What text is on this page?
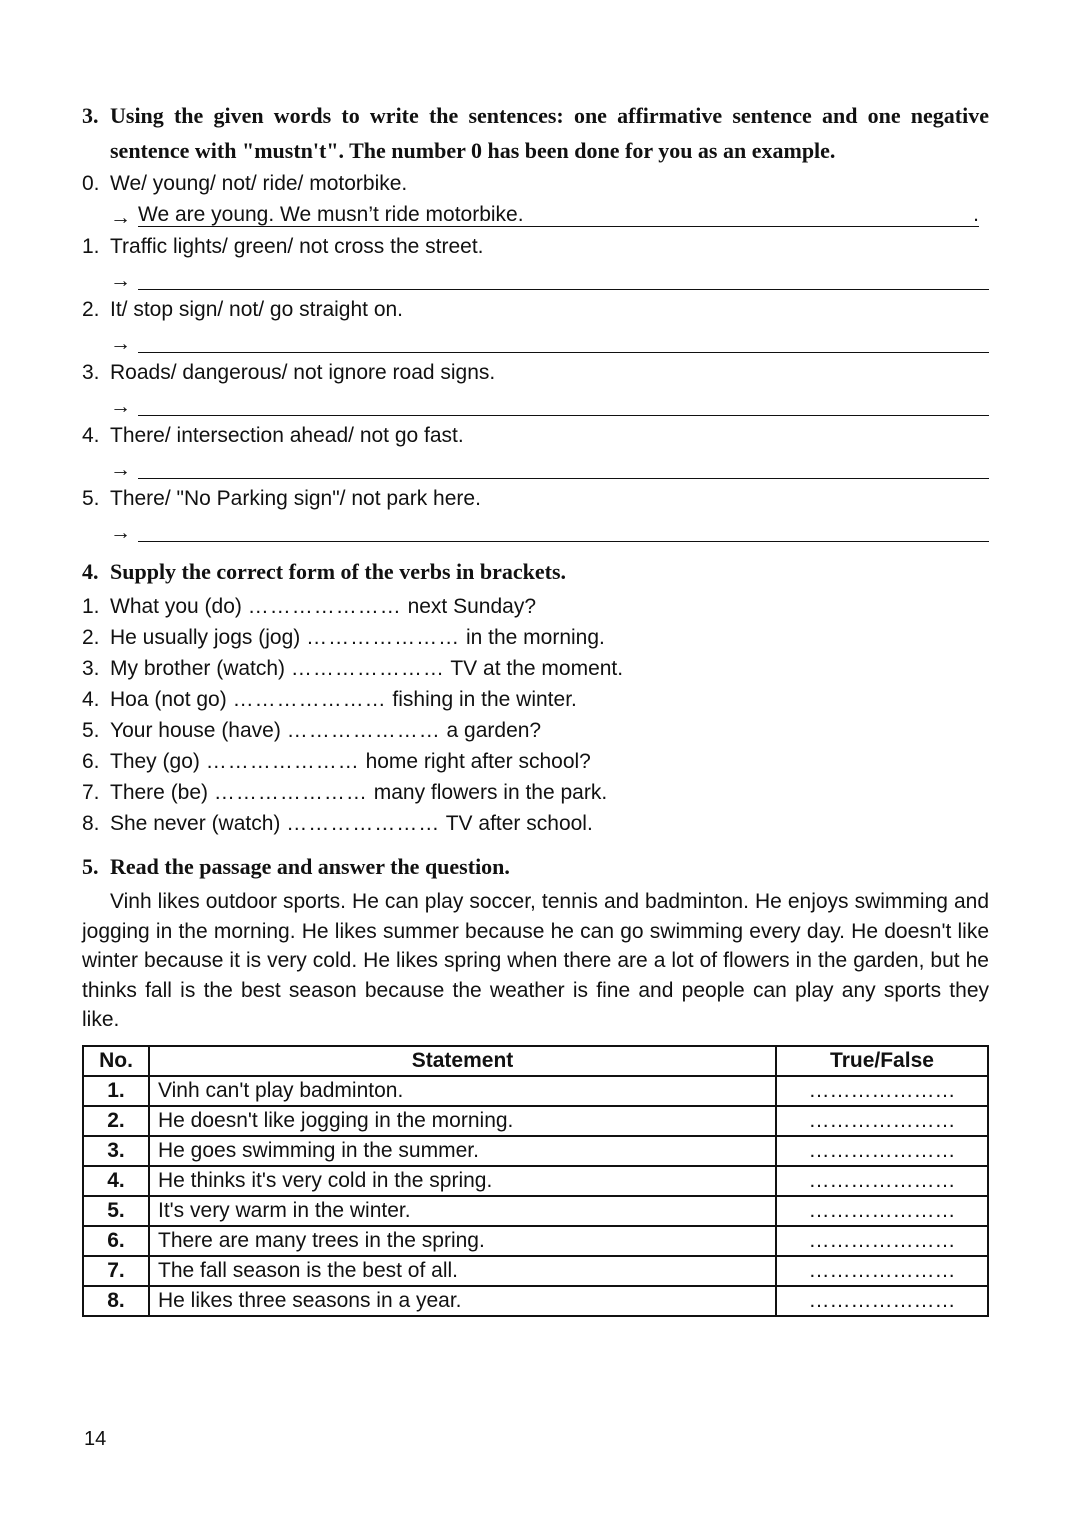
3. Using the given words to write the sentences: one affirmative sentence and one negative sentence with "mustn't". The number 0 has been done for you as an example.
0. We/ young/ not/ ride/ motorbike.
→ We are young. We musn’t ride motorbike.	.
1. Traffic lights/ green/ not cross the street.
→
2. It/ stop sign/ not/ go straight on.
→
3. Roads/ dangerous/ not ignore road signs.
→
4. There/ intersection ahead/ not go fast.
→
5. There/ "No Parking sign"/ not park here.
→
4. Supply the correct form of the verbs in brackets.
1. What you (do) ………………… next Sunday?
2. He usually jogs (jog) ………………… in the morning.
3. My brother (watch) ………………… TV at the moment.
4. Hoa (not go) ………………… fishing in the winter.
5. Your house (have) ………………… a garden?
6. They (go) ………………… home right after school?
7. There (be) ………………… many flowers in the park.
8. She never (watch) ………………… TV after school.
5. Read the passage and answer the question.

Vinh likes outdoor sports. He can play soccer, tennis and badminton. He enjoys swimming and jogging in the morning. He likes summer because he can go swimming every day. He doesn't like winter because it is very cold. He likes spring when there are a lot of flowers in the garden, but he thinks fall is the best season because the weather is fine and people can play any sports they like.

No.	Statement	True/False
1.	Vinh can't play badminton.	…………………
2.	He doesn't like jogging in the morning.	…………………
3.	He goes swimming in the summer.	…………………
4.	He thinks it's very cold in the spring.	…………………
5.	It's very warm in the winter.	…………………
6.	There are many trees in the spring.	…………………
7.	The fall season is the best of all.	…………………
8.	He likes three seasons in a year.	…………………
14
